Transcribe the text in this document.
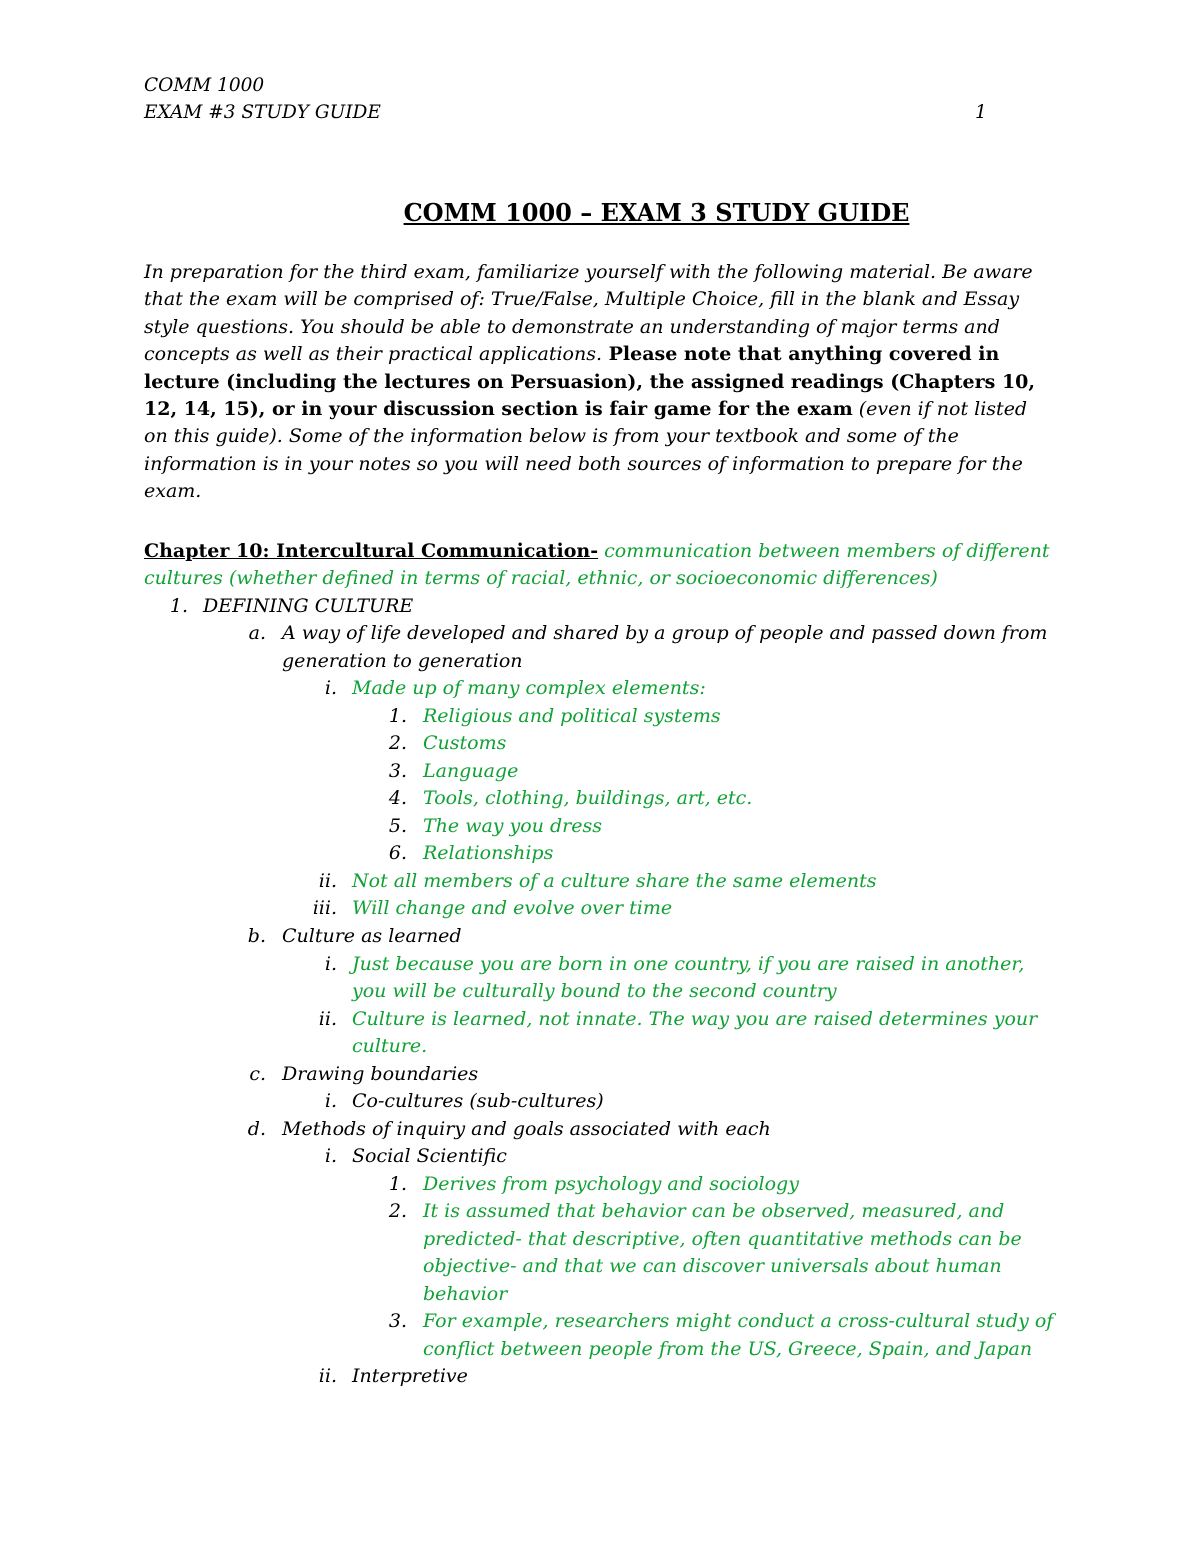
COMM 1000
EXAM #3 STUDY GUIDE	1
COMM 1000 – EXAM 3 STUDY GUIDE
In preparation for the third exam, familiarize yourself with the following material. Be aware that the exam will be comprised of: True/False, Multiple Choice, fill in the blank and Essay style questions. You should be able to demonstrate an understanding of major terms and concepts as well as their practical applications. Please note that anything covered in lecture (including the lectures on Persuasion), the assigned readings (Chapters 10, 12, 14, 15), or in your discussion section is fair game for the exam (even if not listed on this guide). Some of the information below is from your textbook and some of the information is in your notes so you will need both sources of information to prepare for the exam.
Chapter 10: Intercultural Communication- communication between members of different
cultures (whether defined in terms of racial, ethnic, or socioeconomic differences)
1. DEFINING CULTURE
a. A way of life developed and shared by a group of people and passed down from
generation to generation
i. Made up of many complex elements:
1. Religious and political systems
2. Customs
3. Language
4. Tools, clothing, buildings, art, etc.
5. The way you dress
6. Relationships
ii. Not all members of a culture share the same elements
iii. Will change and evolve over time
b. Culture as learned
i. Just because you are born in one country, if you are raised in another,
you will be culturally bound to the second country
ii. Culture is learned, not innate. The way you are raised determines your
culture.
c. Drawing boundaries
i. Co-cultures (sub-cultures)
d. Methods of inquiry and goals associated with each
i. Social Scientific
1. Derives from psychology and sociology
2. It is assumed that behavior can be observed, measured, and
predicted- that descriptive, often quantitative methods can be
objective- and that we can discover universals about human
behavior
3. For example, researchers might conduct a cross-cultural study of
conflict between people from the US, Greece, Spain, and Japan
ii. Interpretive
